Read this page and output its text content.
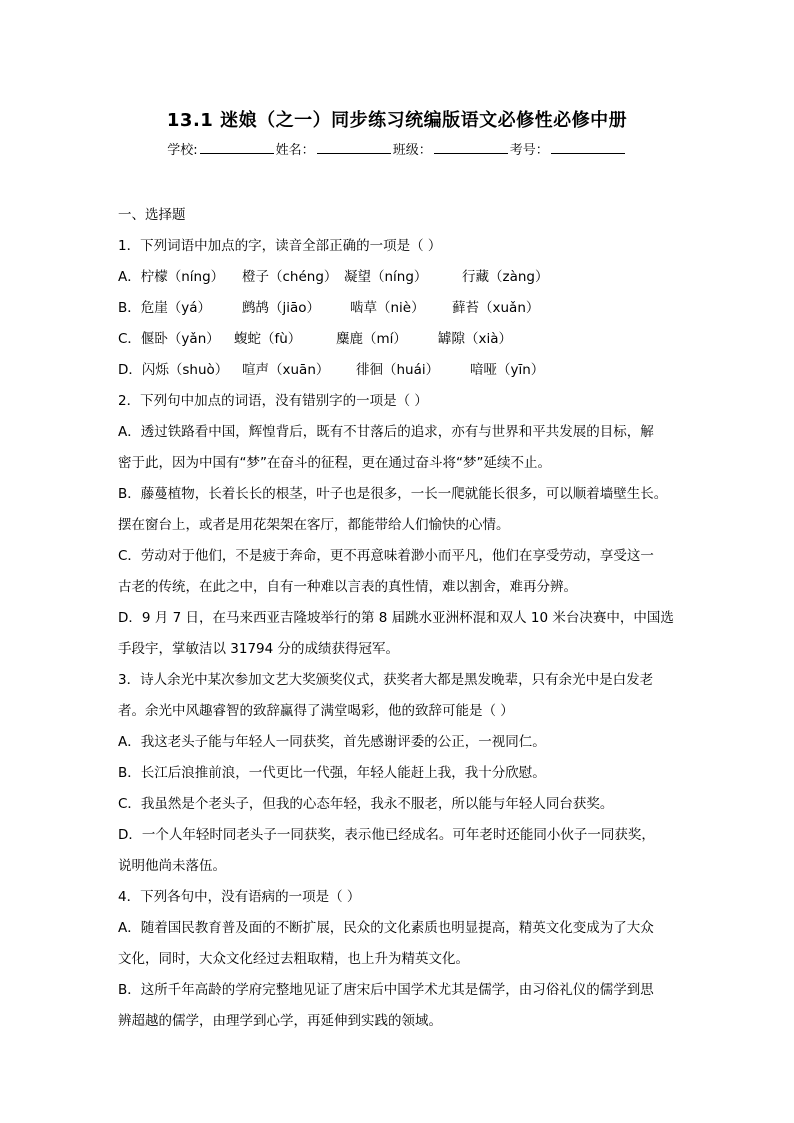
13.1 迷娘（之一）同步练习统编版语文必修性必修中册
学校:	姓名：	班级：	考号：
一、选择题
1．下列词语中加点的字，读音全部正确的一项是（ ）
A．柠檬（níng） 橙子（chéng） 凝望（níng）	行藏（zàng）
B．危崖（yá） 鹧鸪（jiāo） 啮草（niè） 藓苔（xuǎn）
C．偃卧（yǎn） 蝮蛇（fù）	麋鹿（mí） 罅隙（xià）
D．闪烁（shuò） 喧声（xuān） 徘徊（huái） 喑哑（yīn）
2．下列句中加点的词语，没有错别字的一项是（ ）
A．透过铁路看中国，辉惶背后，既有不甘落后的追求，亦有与世界和平共发展的目标，解
密于此，因为中国有“梦”在奋斗的征程，更在通过奋斗将“梦”延续不止。
B．藤蔓植物，长着长长的根茎，叶子也是很多，一长一爬就能长很多，可以顺着墙壁生长。
摆在窗台上，或者是用花架架在客厅，都能带给人们愉快的心情。
C．劳动对于他们，不是疲于奔命，更不再意味着渺小而平凡，他们在享受劳动，享受这一
古老的传统，在此之中，自有一种难以言表的真性情，难以割舍，难再分辨。
D．9 月 7 日，在马来西亚吉隆坡举行的第 8 届跳水亚洲杯混和双人 10 米台决赛中，中国选
手段宇，掌敏洁以 31794 分的成绩获得冠军。
3．诗人余光中某次参加文艺大奖颁奖仪式，获奖者大都是黑发晚辈，只有余光中是白发老
者。余光中风趣睿智的致辞赢得了满堂喝彩，他的致辞可能是（ ）
A．我这老头子能与年轻人一同获奖，首先感谢评委的公正，一视同仁。
B．长江后浪推前浪，一代更比一代强，年轻人能赶上我，我十分欣慰。
C．我虽然是个老头子，但我的心态年轻，我永不服老，所以能与年轻人同台获奖。
D．一个人年轻时同老头子一同获奖，表示他已经成名。可年老时还能同小伙子一同获奖，
说明他尚未落伍。
4．下列各句中，没有语病的一项是（ ）
A．随着国民教育普及面的不断扩展，民众的文化素质也明显提高，精英文化变成为了大众
文化，同时，大众文化经过去粗取精，也上升为精英文化。
B．这所千年高龄的学府完整地见证了唐宋后中国学术尤其是儒学，由习俗礼仪的儒学到思
辨超越的儒学，由理学到心学，再延伸到实践的领域。
